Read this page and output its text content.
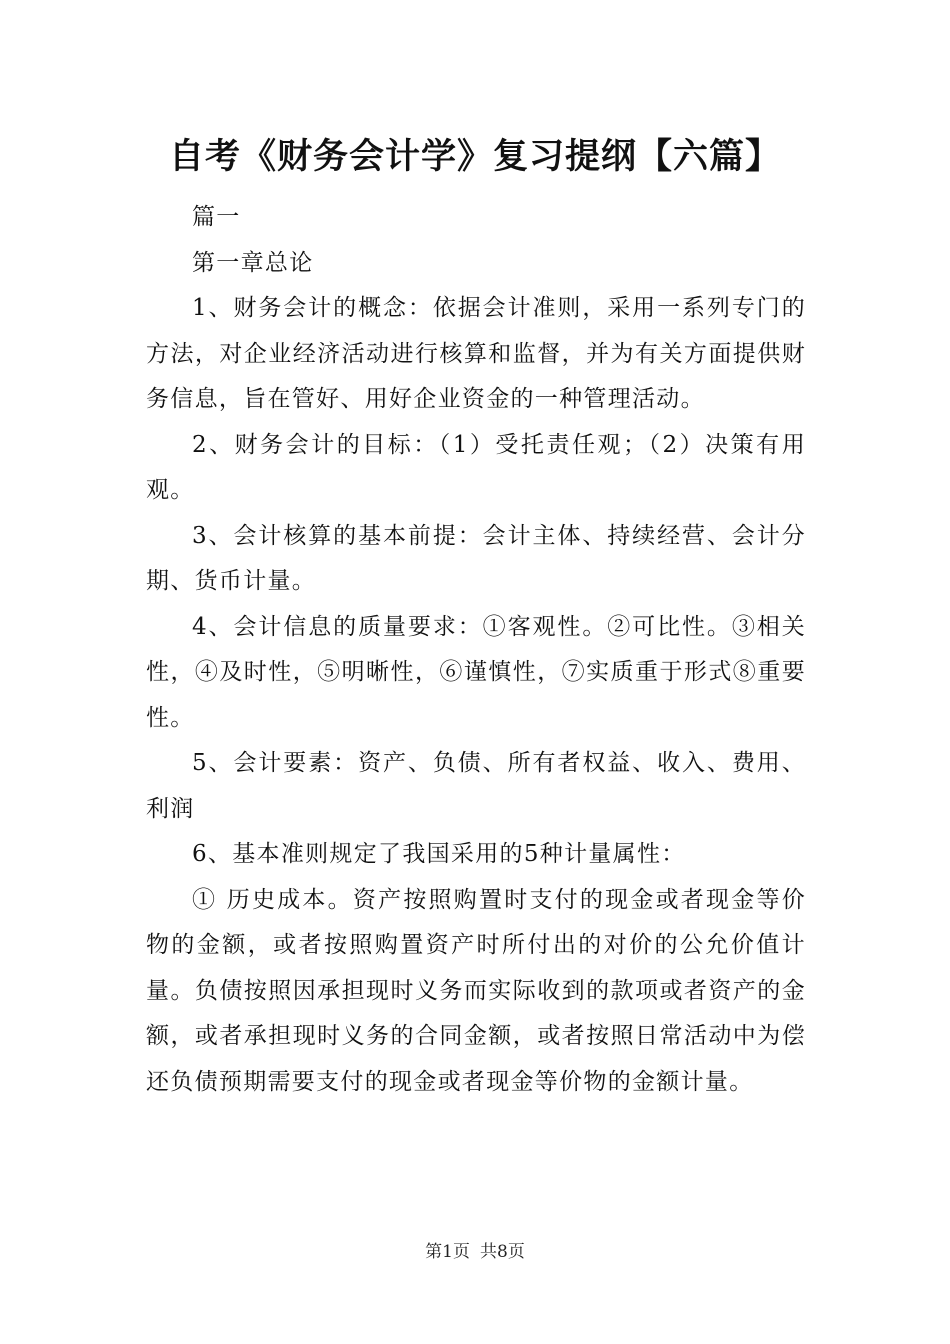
自考《财务会计学》复习提纲【六篇】

篇一

第一章总论

1、财务会计的概念：依据会计准则，采用一系列专门的方法，对企业经济活动进行核算和监督，并为有关方面提供财务信息，旨在管好、用好企业资金的一种管理活动。

2、财务会计的目标：（1）受托责任观；（2）决策有用观。

3、会计核算的基本前提：会计主体、持续经营、会计分期、货币计量。

4、会计信息的质量要求：①客观性。②可比性。③相关性，④及时性，⑤明晰性，⑥谨慎性，⑦实质重于形式⑧重要性。

5、会计要素：资产、负债、所有者权益、收入、费用、利润

6、基本准则规定了我国采用的5种计量属性：

① 历史成本。资产按照购置时支付的现金或者现金等价物的金额，或者按照购置资产时所付出的对价的公允价值计量。负债按照因承担现时义务而实际收到的款项或者资产的金额，或者承担现时义务的合同金额，或者按照日常活动中为偿还负债预期需要支付的现金或者现金等价物的金额计量。

第1页 共8页
